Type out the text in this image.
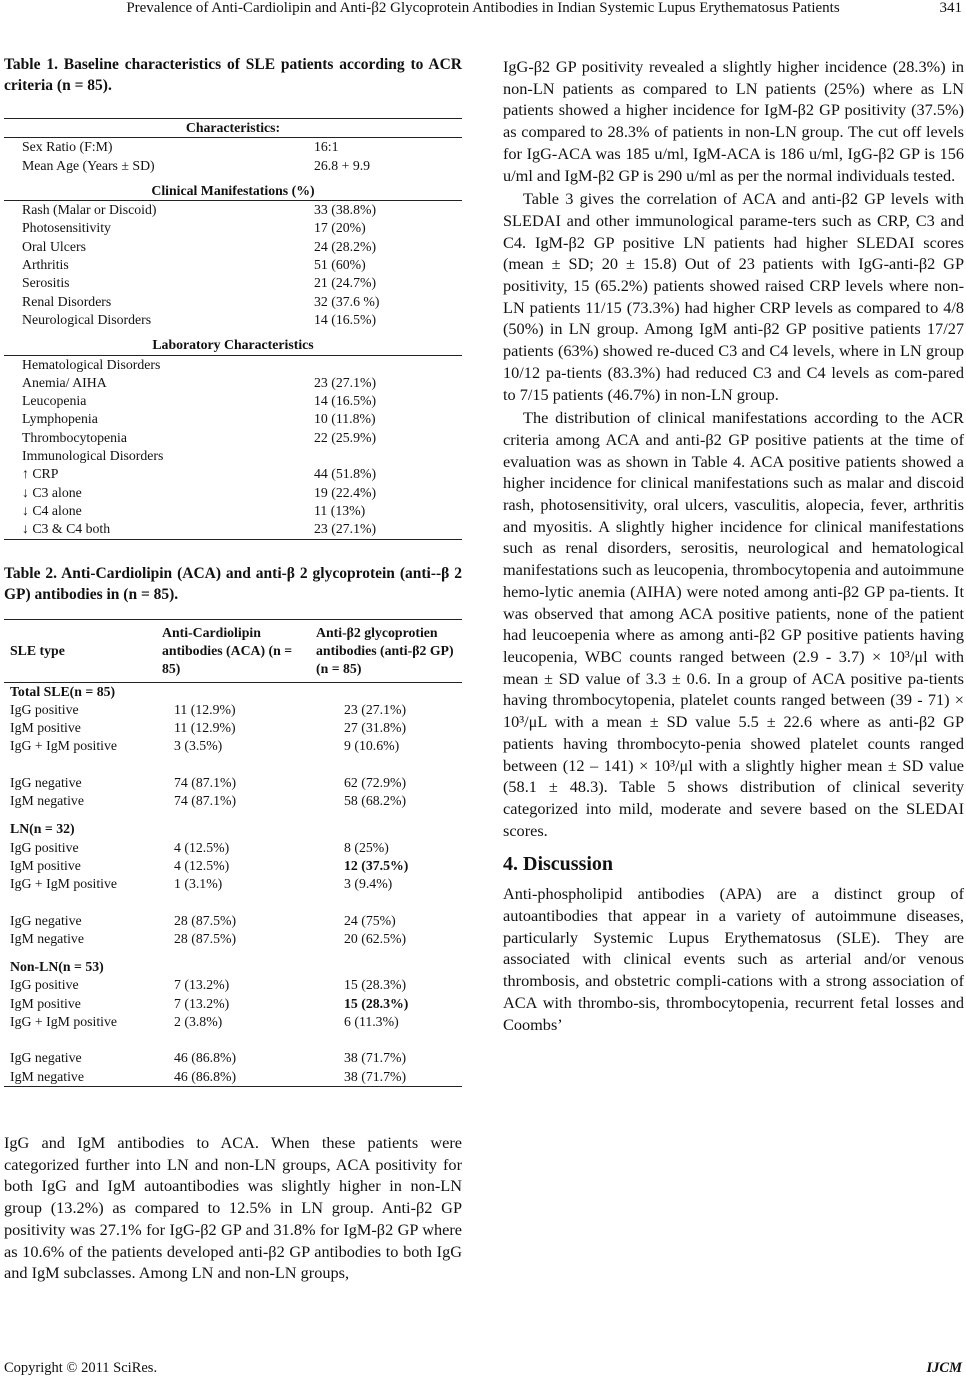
Prevalence of Anti-Cardiolipin and Anti-β2 Glycoprotein Antibodies in Indian Systemic Lupus Erythematosus Patients	341
Table 1. Baseline characteristics of SLE patients according to ACR criteria (n = 85).
Characteristics:	
Sex Ratio (F:M)	16:1
Mean Age (Years ± SD)	26.8 + 9.9
Clinical Manifestations (%)	
Rash (Malar or Discoid)	33 (38.8%)
Photosensitivity	17 (20%)
Oral Ulcers	24 (28.2%)
Arthritis	51 (60%)
Serositis	21 (24.7%)
Renal Disorders	32 (37.6 %)
Neurological Disorders	14 (16.5%)
Laboratory Characteristics	
Hematological Disorders	
Anemia/ AIHA	23 (27.1%)
Leucopenia	14 (16.5%)
Lymphopenia	10 (11.8%)
Thrombocytopenia	22 (25.9%)
Immunological Disorders	
↑ CRP	44 (51.8%)
↓ C3 alone	19 (22.4%)
↓ C4 alone	11 (13%)
↓ C3 & C4 both	23 (27.1%)
Table 2. Anti-Cardiolipin (ACA) and anti-β 2 glycoprotein (anti--β 2 GP) antibodies in (n = 85).
SLE type	Anti-Cardiolipin antibodies (ACA) (n = 85)	Anti-β2 glycoprotien antibodies (anti-β2 GP) (n = 85)
Total SLE(n = 85)		
IgG positive	11 (12.9%)	23 (27.1%)
IgM positive	11 (12.9%)	27 (31.8%)
IgG + IgM positive	3 (3.5%)	9 (10.6%)

IgG negative	74 (87.1%)	62 (72.9%)
IgM negative	74 (87.1%)	58 (68.2%)
LN(n = 32)		
IgG positive	4 (12.5%)	8 (25%)
IgM positive	4 (12.5%)	12 (37.5%)
IgG + IgM positive	1 (3.1%)	3 (9.4%)

IgG negative	28 (87.5%)	24 (75%)
IgM negative	28 (87.5%)	20 (62.5%)
Non-LN(n = 53)		
IgG positive	7 (13.2%)	15 (28.3%)
IgM positive	7 (13.2%)	15 (28.3%)
IgG + IgM positive	2 (3.8%)	6 (11.3%)

IgG negative	46 (86.8%)	38 (71.7%)
IgM negative	46 (86.8%)	38 (71.7%)

IgG and IgM antibodies to ACA. When these patients were categorized further into LN and non-LN groups, ACA positivity for both IgG and IgM autoantibodies was slightly higher in non-LN group (13.2%) as compared to 12.5% in LN group. Anti-β2 GP positivity was 27.1% for IgG-β2 GP and 31.8% for IgM-β2 GP where as 10.6% of the patients developed anti-β2 GP antibodies to both IgG and IgM subclasses. Among LN and non-LN groups,

IgG-β2 GP positivity revealed a slightly higher incidence (28.3%) in non-LN patients as compared to LN patients (25%) where as LN patients showed a higher incidence for IgM-β2 GP positivity (37.5%) as compared to 28.3% of patients in non-LN group. The cut off levels for IgG-ACA was 185 u/ml, IgM-ACA is 186 u/ml, IgG-β2 GP is 156 u/ml and IgM-β2 GP is 290 u/ml as per the normal individuals tested.

Table 3 gives the correlation of ACA and anti-β2 GP levels with SLEDAI and other immunological parame-ters such as CRP, C3 and C4. IgM-β2 GP positive LN patients had higher SLEDAI scores (mean ± SD; 20 ± 15.8) Out of 23 patients with IgG-anti-β2 GP positivity, 15 (65.2%) patients showed raised CRP levels where non-LN patients 11/15 (73.3%) had higher CRP levels as compared to 4/8 (50%) in LN group. Among IgM anti-β2 GP positive patients 17/27 patients (63%) showed re-duced C3 and C4 levels, where in LN group 10/12 pa-tients (83.3%) had reduced C3 and C4 levels as com-pared to 7/15 patients (46.7%) in non-LN group.

The distribution of clinical manifestations according to the ACR criteria among ACA and anti-β2 GP positive patients at the time of evaluation was as shown in Table 4. ACA positive patients showed a higher incidence for clinical manifestations such as malar and discoid rash, photosensitivity, oral ulcers, vasculitis, alopecia, fever, arthritis and myositis. A slightly higher incidence for clinical manifestations such as renal disorders, serositis, neurological and hematological manifestations such as leucopenia, thrombocytopenia and autoimmune hemo-lytic anemia (AIHA) were noted among anti-β2 GP pa-tients. It was observed that among ACA positive patients, none of the patient had leucoepenia where as among anti-β2 GP positive patients having leucopenia, WBC counts ranged between (2.9 - 3.7) × 10³/μl with mean ± SD value of 3.3 ± 0.6. In a group of ACA positive pa-tients having thrombocytopenia, platelet counts ranged between (39 - 71) × 10³/μL with a mean ± SD value 5.5 ± 22.6 where as anti-β2 GP patients having thrombocyto-penia showed platelet counts ranged between (12 – 141) × 10³/μl with a slightly higher mean ± SD value (58.1 ± 48.3). Table 5 shows distribution of clinical severity categorized into mild, moderate and severe based on the SLEDAI scores.

4. Discussion

Anti-phospholipid antibodies (APA) are a distinct group of autoantibodies that appear in a variety of autoimmune diseases, particularly Systemic Lupus Erythematosus (SLE). They are associated with clinical events such as arterial and/or venous thrombosis, and obstetric compli-cations with a strong association of ACA with thrombo-sis, thrombocytopenia, recurrent fetal losses and Coombs’

Copyright © 2011 SciRes.	IJCM
